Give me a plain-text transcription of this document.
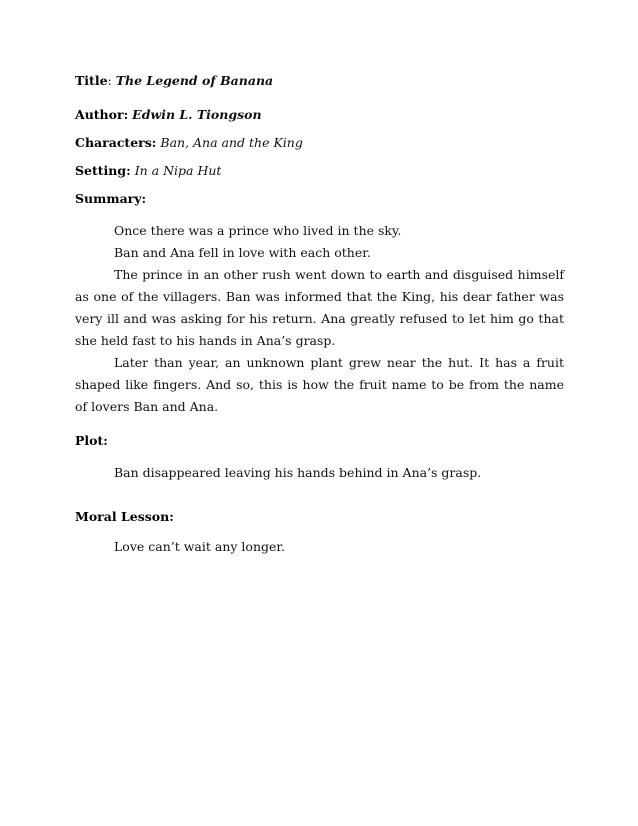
Title: The Legend of Banana
Author: Edwin L. Tiongson
Characters: Ban, Ana and the King
Setting: In a Nipa Hut
Summary:

Once there was a prince who lived in the sky.

Ban and Ana fell in love with each other.

The prince in an other rush went down to earth and disguised himself as one of the villagers. Ban was informed that the King, his dear father was very ill and was asking for his return. Ana greatly refused to let him go that she held fast to his hands in Ana’s grasp.

Later than year, an unknown plant grew near the hut. It has a fruit shaped like fingers. And so, this is how the fruit name to be from the name of lovers Ban and Ana.

Plot:

Ban disappeared leaving his hands behind in Ana’s grasp.

Moral Lesson:

Love can’t wait any longer.
